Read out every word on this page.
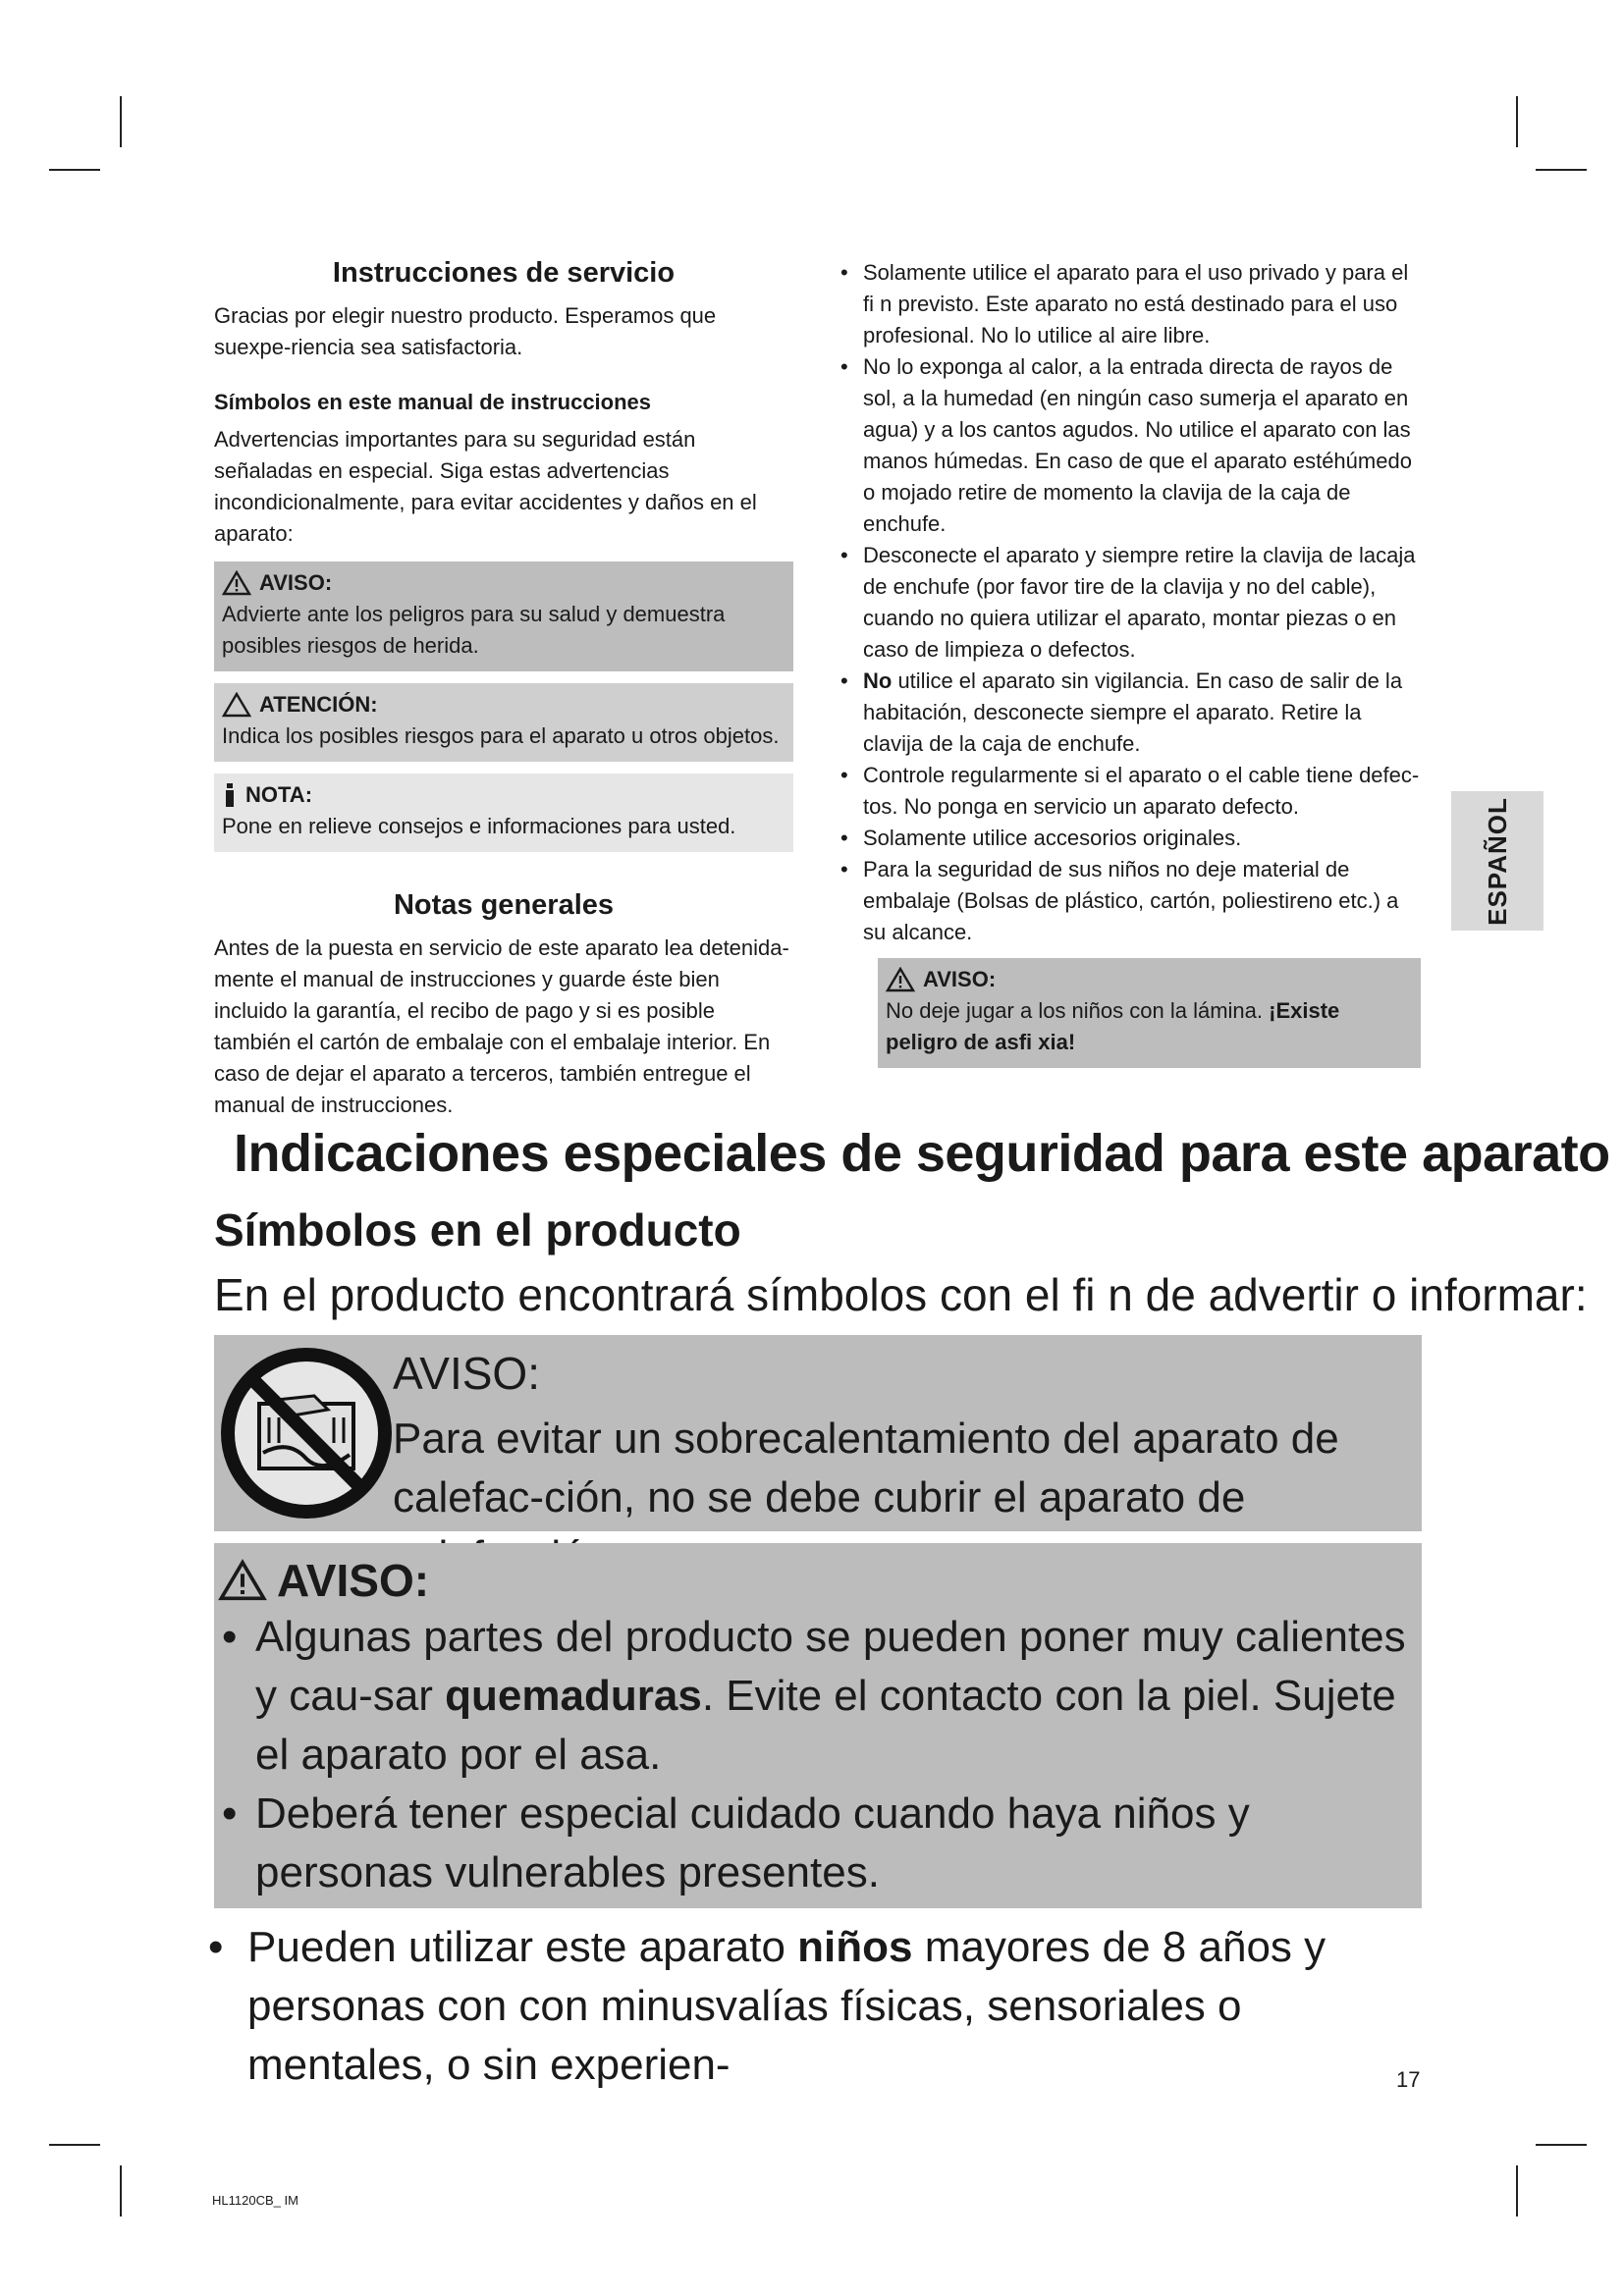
Instrucciones de servicio

Gracias por elegir nuestro producto. Esperamos que suexpe-riencia sea satisfactoria.

Símbolos en este manual de instrucciones

Advertencias importantes para su seguridad están señaladas en especial. Siga estas advertencias incondicionalmente, para evitar accidentes y daños en el aparato:

AVISO:

Advierte ante los peligros para su salud y demuestra posibles riesgos de herida.

ATENCIÓN:

Indica los posibles riesgos para el aparato u otros objetos.

NOTA:

Pone en relieve consejos e informaciones para usted.

Notas generales

Antes de la puesta en servicio de este aparato lea detenida-mente el manual de instrucciones y guarde éste bien incluido la garantía, el recibo de pago y si es posible también el cartón de embalaje con el embalaje interior. En caso de dejar el aparato a terceros, también entregue el manual de instrucciones.

• Solamente utilice el aparato para el uso privado y para el fi n previsto. Este aparato no está destinado para el uso profesional. No lo utilice al aire libre.
• No lo exponga al calor, a la entrada directa de rayos de sol, a la humedad (en ningún caso sumerja el aparato en agua) y a los cantos agudos. No utilice el aparato con las manos húmedas. En caso de que el aparato estéhúmedo o mojado retire de momento la clavija de la caja de enchufe.
• Desconecte el aparato y siempre retire la clavija de lacaja de enchufe (por favor tire de la clavija y no del cable), cuando no quiera utilizar el aparato, montar piezas o en caso de limpieza o defectos.
• No utilice el aparato sin vigilancia. En caso de salir de la habitación, desconecte siempre el aparato. Retire la clavija de la caja de enchufe.
• Controle regularmente si el aparato o el cable tiene defec-tos. No ponga en servicio un aparato defecto.
• Solamente utilice accesorios originales.
• Para la seguridad de sus niños no deje material de embalaje (Bolsas de plástico, cartón, poliestireno etc.) a su alcance.
AVISO:

No deje jugar a los niños con la lámina. ¡Existe peligro de asfi xia!

ESPAÑOL
Indicaciones especiales de seguridad para este aparato
Símbolos en el producto
En el producto encontrará símbolos con el fi n de advertir o informar:
AVISO:
Para evitar un sobrecalentamiento del aparato de calefac-ción, no se debe cubrir el aparato de
AVISO:
• Algunas partes del producto se pueden poner muy calientes y cau-sar quemaduras. Evite el contacto con la piel. Sujete el aparato por el asa.
• Deberá tener especial cuidado cuando haya niños y personas vulnerables presentes.
• Pueden utilizar este aparato niños mayores de 8 años y personas con con minusvalías físicas, sensoriales o mentales, o sin experien-	17
HL1120CB_ IM
